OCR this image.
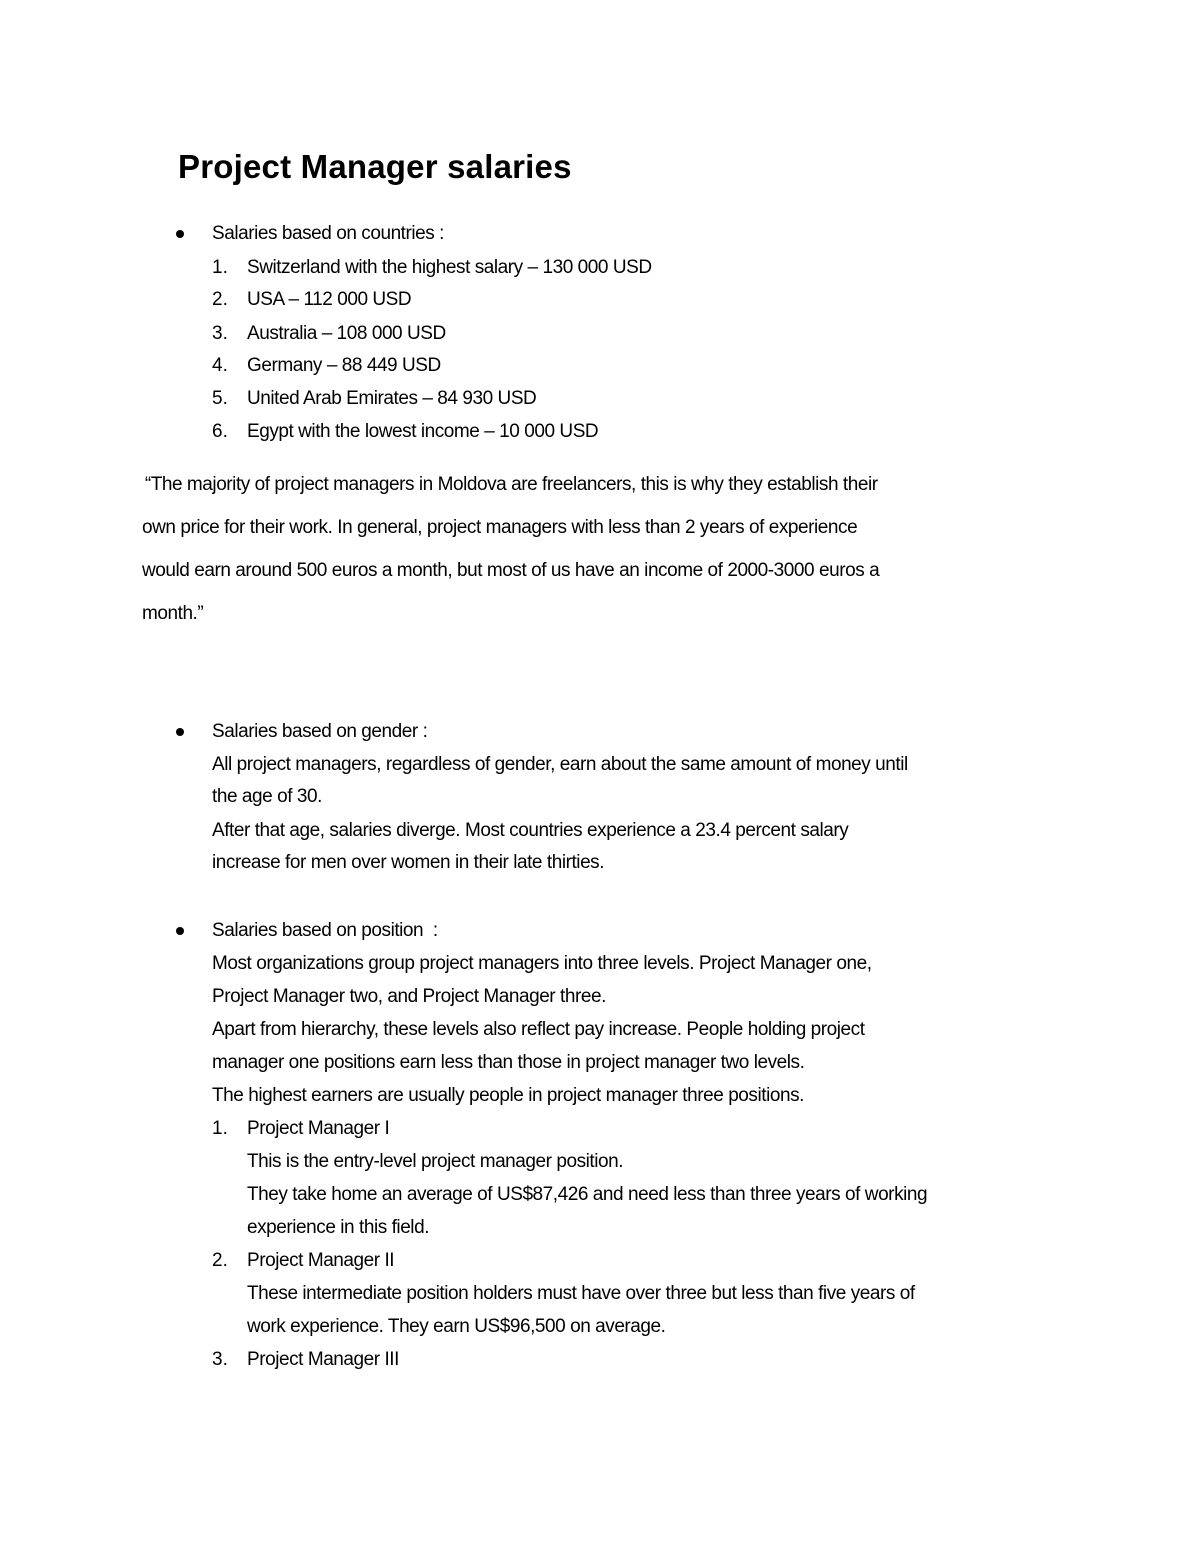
Project Manager salaries
Salaries based on countries :
1. Switzerland with the highest salary – 130 000 USD
2. USA – 112 000 USD
3. Australia – 108 000 USD
4. Germany – 88 449 USD
5. United Arab Emirates – 84 930 USD
6. Egypt with the lowest income – 10 000 USD
“The majority of project managers in Moldova are freelancers, this is why they establish their
own price for their work. In general, project managers with less than 2 years of experience
would earn around 500 euros a month, but most of us have an income of 2000-3000 euros a
month.”
Salaries based on gender :
All project managers, regardless of gender, earn about the same amount of money until
the age of 30.
After that age, salaries diverge. Most countries experience a 23.4 percent salary
increase for men over women in their late thirties.
Salaries based on position  :
Most organizations group project managers into three levels. Project Manager one,
Project Manager two, and Project Manager three.
Apart from hierarchy, these levels also reflect pay increase. People holding project
manager one positions earn less than those in project manager two levels.
The highest earners are usually people in project manager three positions.
1. Project Manager I
This is the entry-level project manager position.
They take home an average of US$87,426 and need less than three years of working
experience in this field.
2. Project Manager II
These intermediate position holders must have over three but less than five years of
work experience. They earn US$96,500 on average.
3. Project Manager III
